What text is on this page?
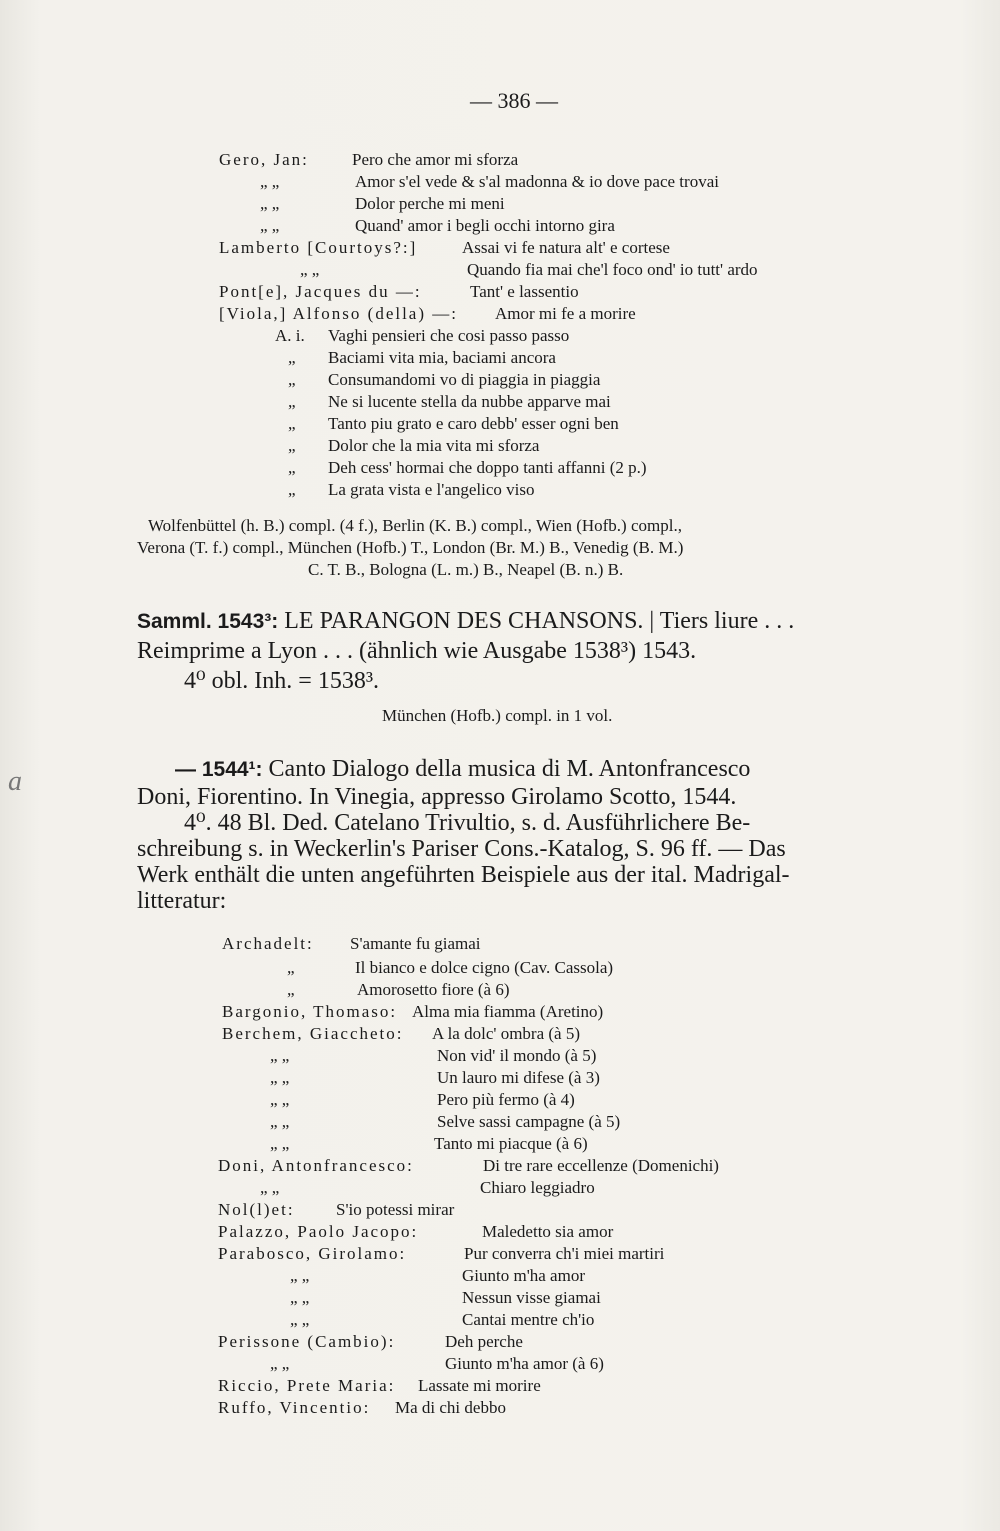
— 386 —
a
Gero, Jan:	Pero che amor mi sforza
„ „	Amor s'el vede & s'al madonna & io dove pace trovai
„ „	Dolor perche mi meni
„ „	Quand' amor i begli occhi intorno gira
Lamberto [Courtoys?:]	Assai vi fe natura alt' e cortese
„ „	Quando fia mai che'l foco ond' io tutt' ardo
Pont[e], Jacques du —:	Tant' e lassentio
[Viola,] Alfonso (della) —: Amor mi fe a morire
A. i. Vaghi pensieri che cosi passo passo
„ Baciami vita mia, baciami ancora
„ Consumandomi vo di piaggia in piaggia
„ Ne si lucente stella da nubbe apparve mai
„ Tanto piu grato e caro debb' esser ogni ben
„ Dolor che la mia vita mi sforza
„ Deh cess' hormai che doppo tanti affanni (2 p.)
„ La grata vista e l'angelico viso
Wolfenbüttel (h. B.) compl. (4 f.), Berlin (K. B.) compl., Wien (Hofb.) compl.,
Verona (T. f.) compl., München (Hofb.) T., London (Br. M.) B., Venedig (B. M.)
C. T. B., Bologna (L. m.) B., Neapel (B. n.) B.
Samml. 1543³: LE PARANGON DES CHANSONS. | Tiers liure . . .
Reimprime a Lyon . . . (ähnlich wie Ausgabe 1538³) 1543.
4⁰ obl. Inh. = 1538³.
München (Hofb.) compl. in 1 vol.
— 1544¹: Canto Dialogo della musica di M. Antonfrancesco
Doni, Fiorentino. In Vinegia, appresso Girolamo Scotto, 1544.
4⁰. 48 Bl. Ded. Catelano Trivultio, s. d. Ausführlichere Be-
schreibung s. in Weckerlin's Pariser Cons.-Katalog, S. 96 ff. — Das
Werk enthält die unten angeführten Beispiele aus der ital. Madrigal-
litteratur:
Archadelt: S'amante fu giamai
„	Il bianco e dolce cigno (Cav. Cassola)
„	Amorosetto fiore (à 6)
Bargonio, Thomaso: Alma mia fiamma (Aretino)
Berchem, Giaccheto: A la dolc' ombra (à 5)
„ „	Non vid' il mondo (à 5)
„ „	Un lauro mi difese (à 3)
„ „	Pero più fermo (à 4)
„ „	Selve sassi campagne (à 5)
„ „	Tanto mi piacque (à 6)
Doni, Antonfrancesco:	Di tre rare eccellenze (Domenichi)
„ „	Chiaro leggiadro
Nol(l)et: S'io potessi mirar
Palazzo, Paolo Jacopo:	Maledetto sia amor
Parabosco, Girolamo:	Pur converra ch'i miei martiri
„ „	Giunto m'ha amor
„ „	Nessun visse giamai
„ „	Cantai mentre ch'io
Perissone (Cambio):	Deh perche
„ „	Giunto m'ha amor (à 6)
Riccio, Prete Maria: Lassate mi morire
Ruffo, Vincentio: Ma di chi debbo
